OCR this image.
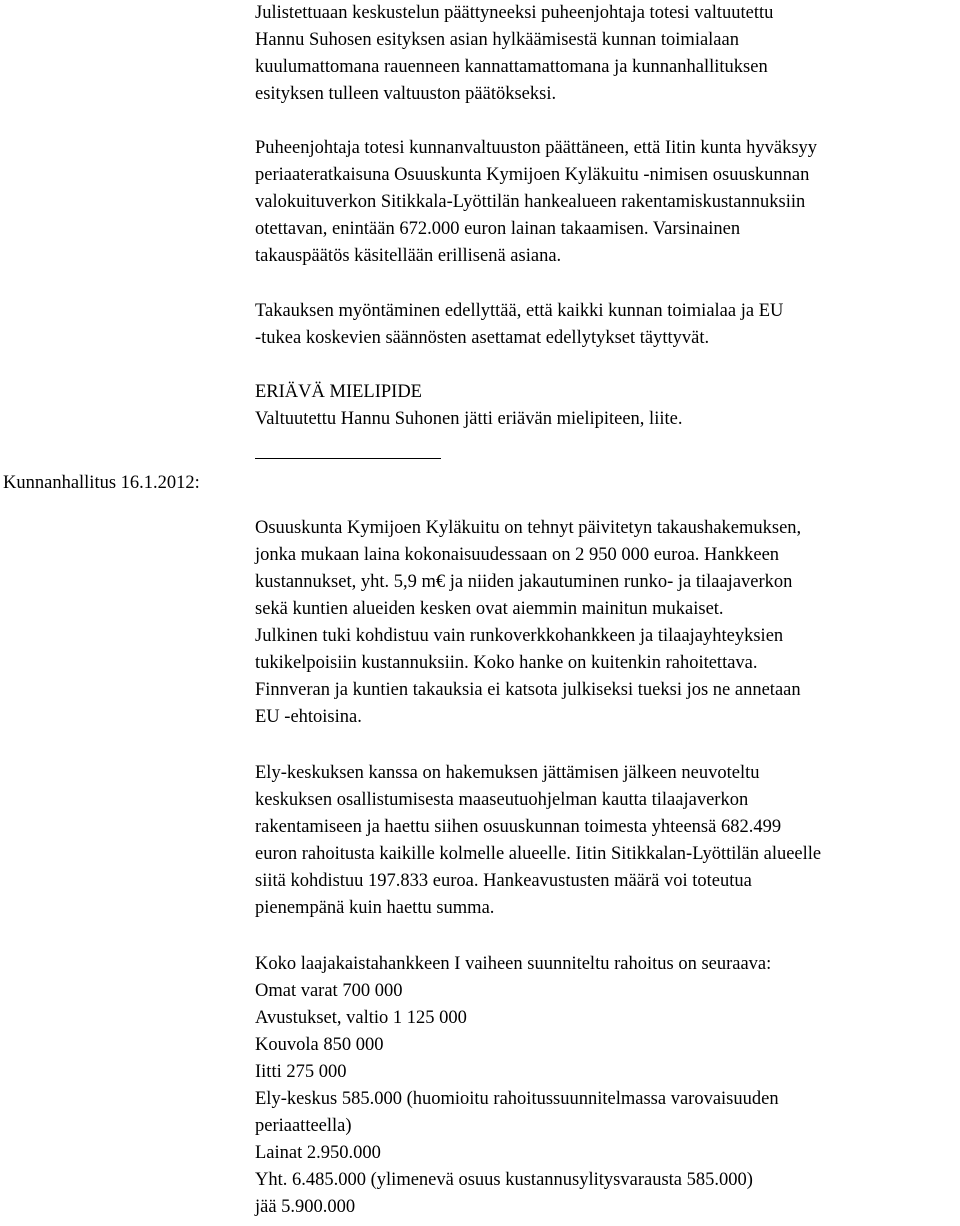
Julistettuaan keskustelun päättyneeksi puheenjohtaja totesi valtuutettu
Hannu Suhosen esityksen asian hylkäämisestä kunnan toimialaan
kuulumattomana rauenneen kannattamattomana ja kunnanhallituksen
esityksen tulleen valtuuston päätökseksi.
Puheenjohtaja totesi kunnanvaltuuston päättäneen, että Iitin kunta hyväksyy
periaateratkaisuna Osuuskunta Kymijoen Kyläkuitu -nimisen osuuskunnan
valokuituverkon Sitikkala-Lyöttilän hankealueen rakentamiskustannuksiin
otettavan, enintään 672.000 euron lainan takaamisen. Varsinainen
takauspäätös käsitellään erillisenä asiana.
Takauksen myöntäminen edellyttää, että kaikki kunnan toimialaa ja EU
-tukea koskevien säännösten asettamat edellytykset täyttyvät.
ERIÄVÄ MIELIPIDE
Valtuutettu Hannu Suhonen jätti eriävän mielipiteen, liite.
Kunnanhallitus 16.1.2012:
Osuuskunta Kymijoen Kyläkuitu on tehnyt päivitetyn takaushakemuksen,
jonka mukaan laina kokonaisuudessaan on 2 950 000 euroa. Hankkeen
kustannukset, yht. 5,9 m€ ja niiden jakautuminen runko- ja tilaajaverkon
sekä kuntien alueiden kesken ovat aiemmin mainitun mukaiset.
Julkinen tuki kohdistuu vain runkoverkkohankkeen ja tilaajayhteyksien
tukikelpoisiin kustannuksiin. Koko hanke on kuitenkin rahoitettava.
Finnveran ja kuntien takauksia ei katsota julkiseksi tueksi jos ne annetaan
EU -ehtoisina.
Ely-keskuksen kanssa on hakemuksen jättämisen jälkeen neuvoteltu
keskuksen osallistumisesta maaseutuohjelman kautta tilaajaverkon
rakentamiseen ja haettu siihen osuuskunnan toimesta yhteensä 682.499
euron rahoitusta kaikille kolmelle alueelle. Iitin Sitikkalan-Lyöttilän alueelle
siitä kohdistuu 197.833 euroa. Hankeavustusten määrä voi toteutua
pienempänä kuin haettu summa.
Koko laajakaistahankkeen I vaiheen suunniteltu rahoitus on seuraava:
Omat varat 700 000
Avustukset, valtio 1 125 000
Kouvola 850 000
Iitti 275 000
Ely-keskus 585.000 (huomioitu rahoitussuunnitelmassa varovaisuuden
periaatteella)
Lainat 2.950.000
Yht. 6.485.000 (ylimenevä osuus kustannusylitysvarausta 585.000)
jää 5.900.000
